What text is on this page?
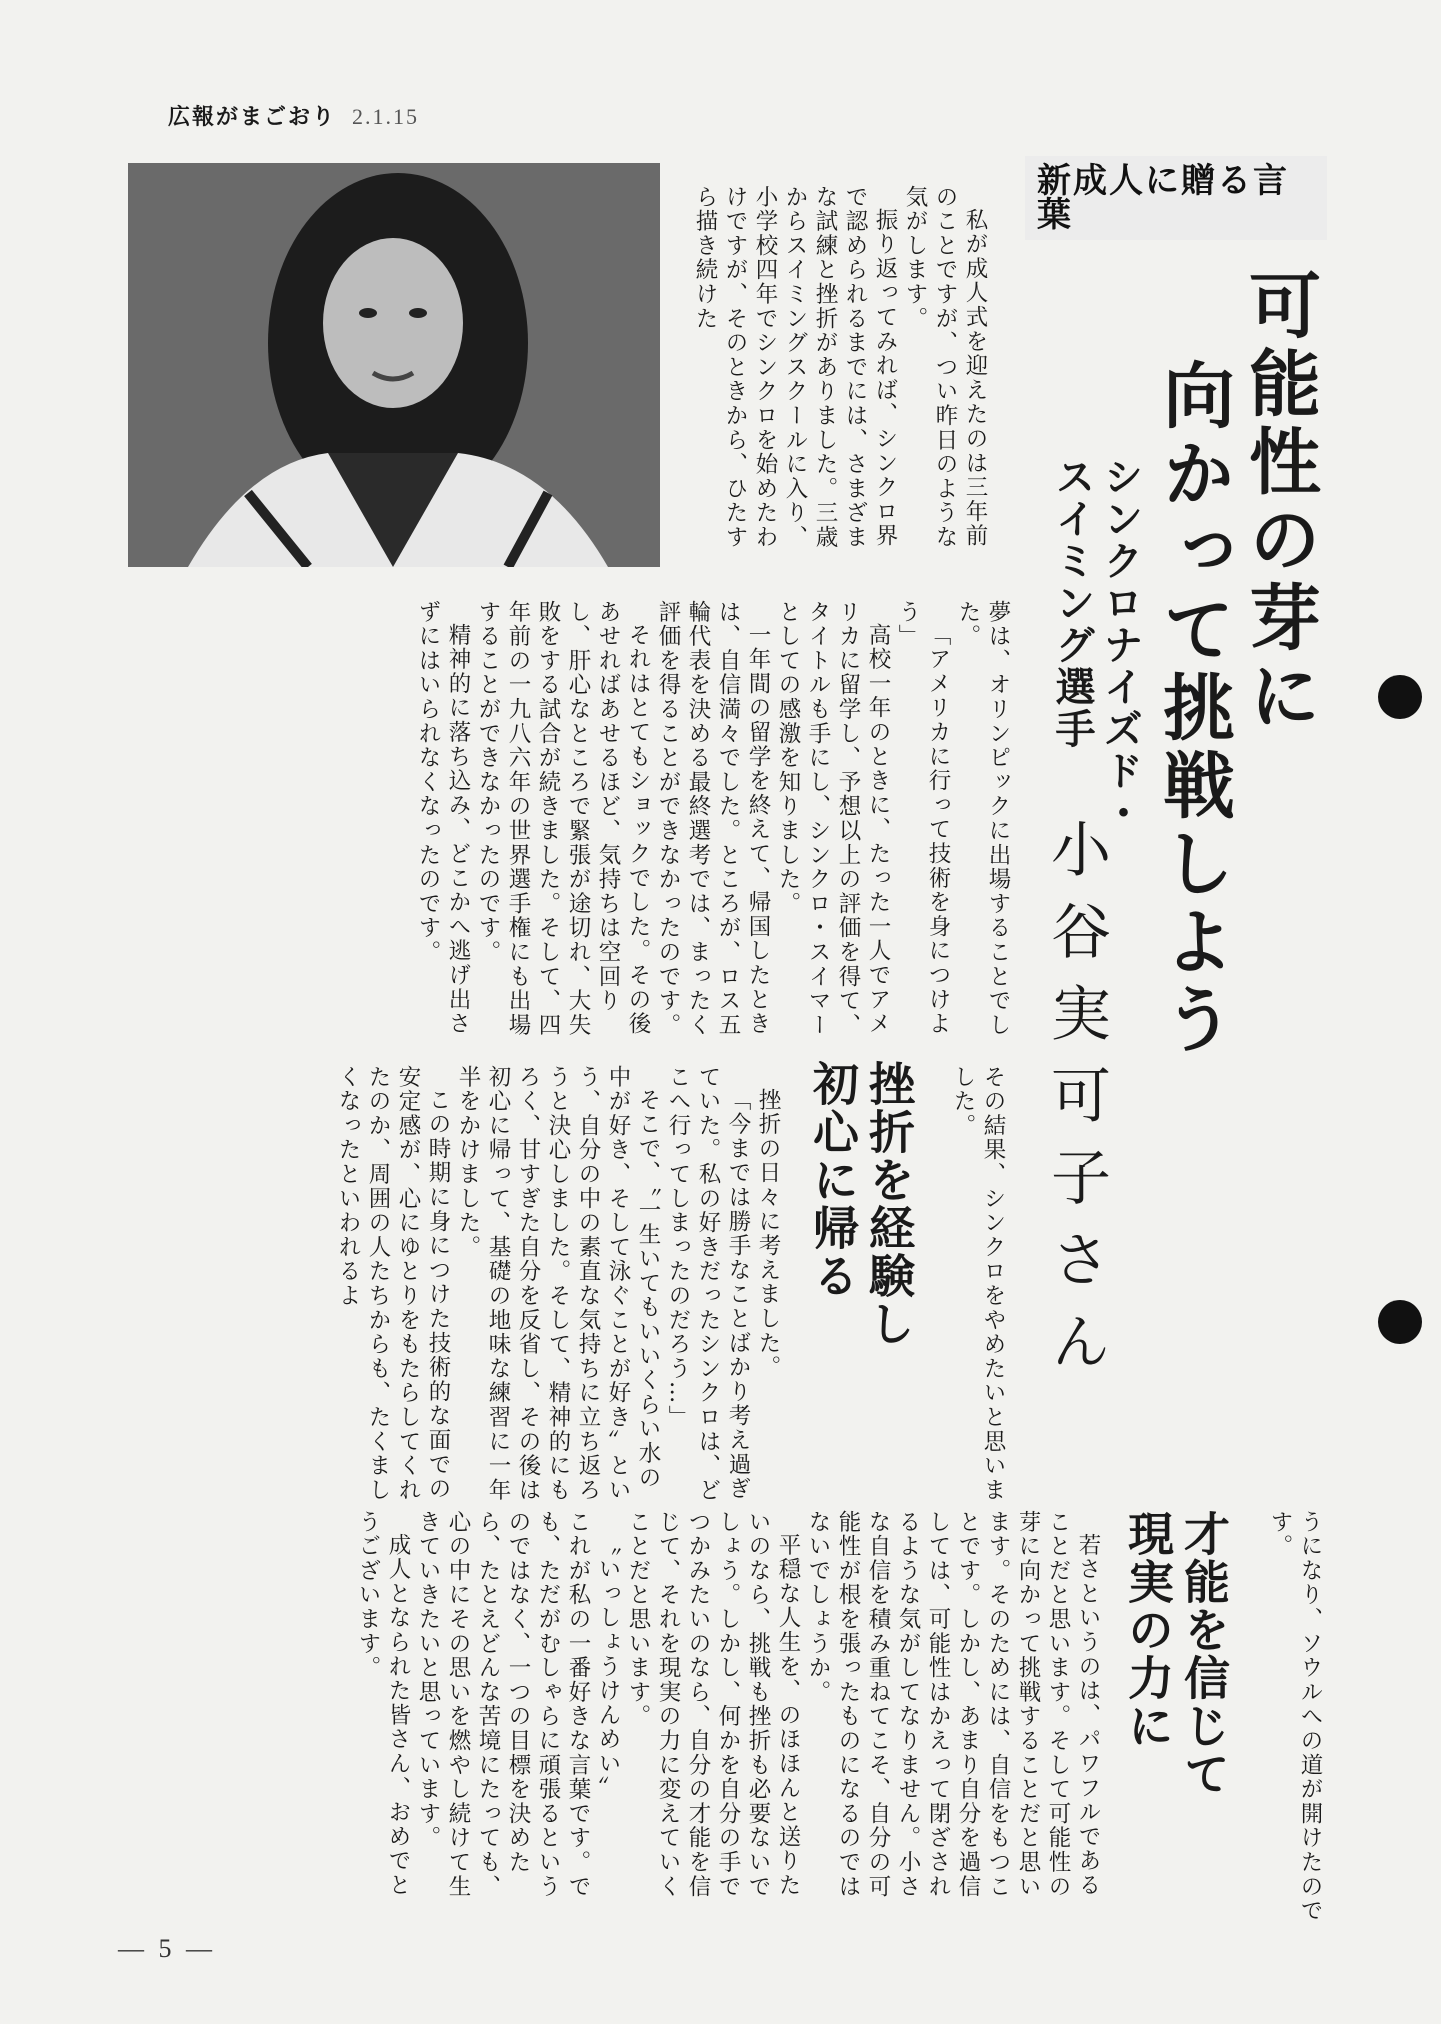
広報がまごおり 2.1.15
新成人に贈る言葉
可能性の芽に
向かって挑戦しよう
シンクロナイズド・
スイミング選手
小谷実可子さん

私が成人式を迎えたのは三年前のことですが、つい昨日のような気がします。

振り返ってみれば、シンクロ界で認められるまでには、さまざまな試練と挫折がありました。三歳からスイミングスクールに入り、小学校四年でシンクロを始めたわけですが、そのときから、ひたすら描き続けた

夢は、オリンピックに出場することでした。

「アメリカに行って技術を身につけよう」

高校一年のときに、たった一人でアメリカに留学し、予想以上の評価を得て、タイトルも手にし、シンクロ・スイマーとしての感激を知りました。

一年間の留学を終えて、帰国したときは、自信満々でした。ところが、ロス五輪代表を決める最終選考では、まったく評価を得ることができなかったのです。

それはとてもショックでした。その後あせればあせるほど、気持ちは空回りし、肝心なところで緊張が途切れ、大失敗をする試合が続きました。そして、四年前の一九八六年の世界選手権にも出場することができなかったのです。

精神的に落ち込み、どこかへ逃げ出さずにはいられなくなったのです。

その結果、シンクロをやめたいと思いました。

挫折を経験し
初心に帰る

挫折の日々に考えました。

「今までは勝手なことばかり考え過ぎていた。私の好きだったシンクロは、どこへ行ってしまったのだろう…」

そこで、〝一生いてもいいくらい水の中が好き、そして泳ぐことが好き〟という、自分の中の素直な気持ちに立ち返ろうと決心しました。そして、精神的にもろく、甘すぎた自分を反省し、その後は初心に帰って、基礎の地味な練習に一年半をかけました。

この時期に身につけた技術的な面での安定感が、心にゆとりをもたらしてくれたのか、周囲の人たちからも、たくましくなったといわれるよ

うになり、ソウルへの道が開けたのです。

才能を信じて
現実の力に

若さというのは、パワフルであることだと思います。そして可能性の芽に向かって挑戦することだと思います。そのためには、自信をもつことです。しかし、あまり自分を過信しては、可能性はかえって閉ざされるような気がしてなりません。小さな自信を積み重ねてこそ、自分の可能性が根を張ったものになるのではないでしょうか。

平穏な人生を、のほほんと送りたいのなら、挑戦も挫折も必要ないでしょう。しかし、何かを自分の手でつかみたいのなら、自分の才能を信じて、それを現実の力に変えていくことだと思います。

〝いっしょうけんめい〟

これが私の一番好きな言葉です。でも、ただがむしゃらに頑張るというのではなく、一つの目標を決めたら、たとえどんな苦境にたっても、心の中にその思いを燃やし続けて生きていきたいと思っています。

成人となられた皆さん、おめでとうございます。

— 5 —
